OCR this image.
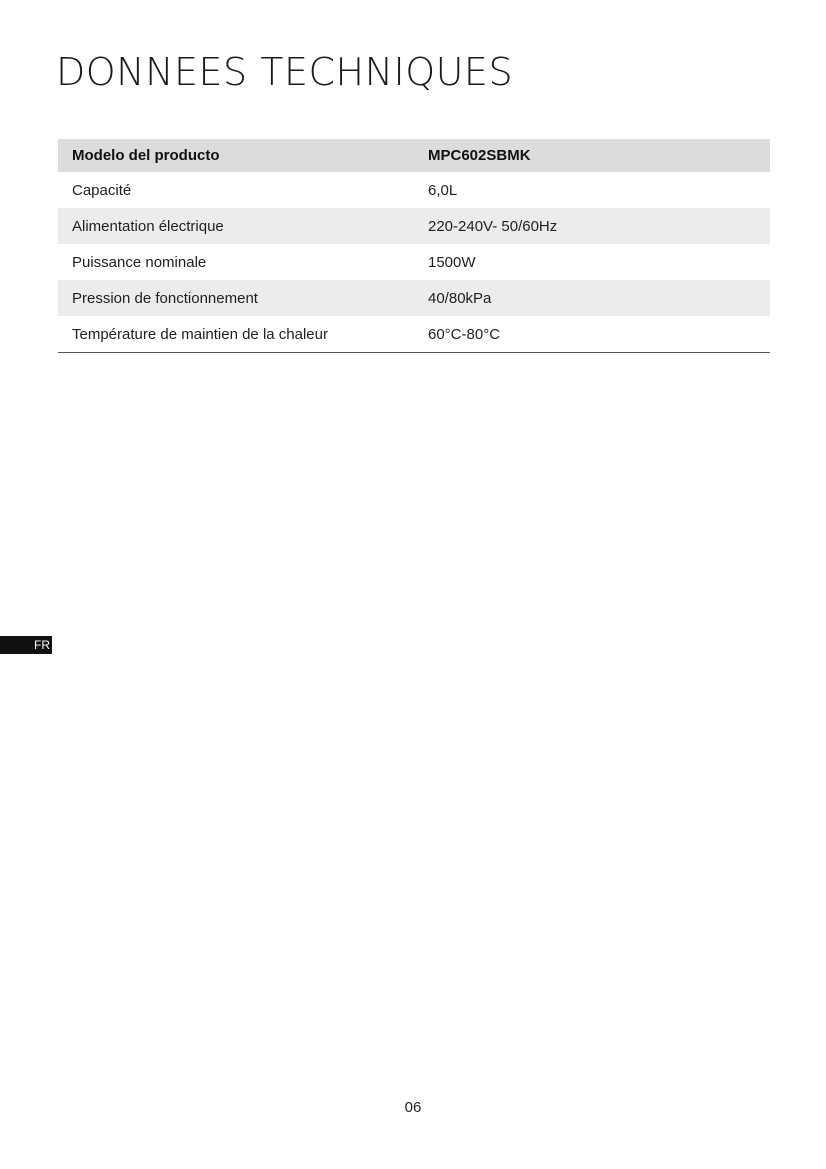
DONNEES TECHNIQUES
Modelo del producto	MPC602SBMK
Capacité	6,0L
Alimentation électrique	220-240V- 50/60Hz
Puissance nominale	1500W
Pression de fonctionnement	40/80kPa
Température de maintien de la chaleur	60°C-80°C
FR
06
